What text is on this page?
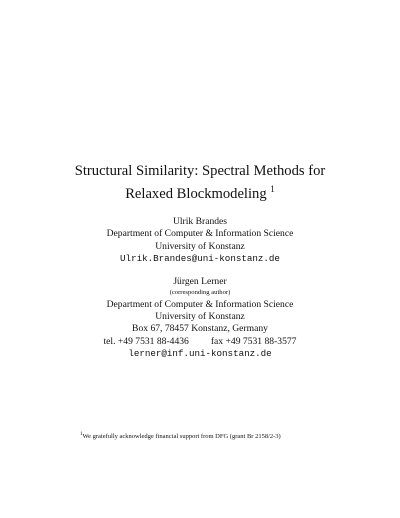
Structural Similarity: Spectral Methods for
Relaxed Blockmodeling $^1$
Ulrik Brandes
Department of Computer & Information Science
University of Konstanz
Ulrik.Brandes@uni-konstanz.de
Jürgen Lerner
(corresponding author)
Department of Computer & Information Science
University of Konstanz
Box 67, 78457 Konstanz, Germany
tel. +49 7531 88-4436 fax +49 7531 88-3577
lerner@inf.uni-konstanz.de
$^1$We gratefully acknowledge financial support from DFG (grant Br 2158/2-3)
